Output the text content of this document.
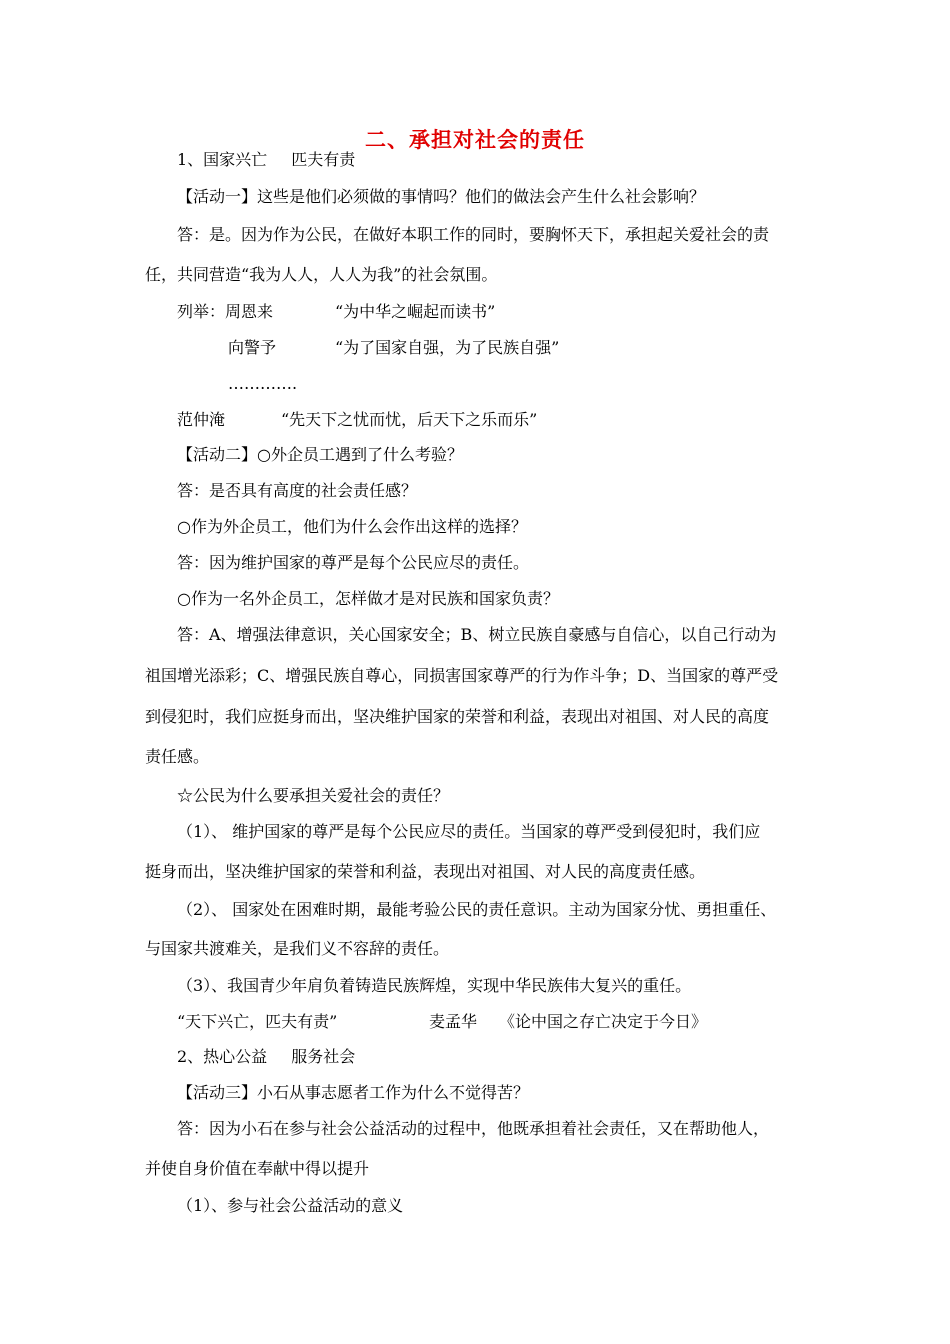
二、承担对社会的责任
1、国家兴亡 匹夫有责
【活动一】这些是他们必须做的事情吗？他们的做法会产生什么社会影响？
答：是。因为作为公民，在做好本职工作的同时，要胸怀天下，承担起关爱社会的责
任，共同营造“我为人人，人人为我”的社会氛围。
列举：周恩来	“为中华之崛起而读书”
向警予	“为了国家自强，为了民族自强”
………….
范仲淹	“先天下之忧而忧，后天下之乐而乐”
【活动二】○外企员工遇到了什么考验？
答：是否具有高度的社会责任感？
○作为外企员工，他们为什么会作出这样的选择？
答：因为维护国家的尊严是每个公民应尽的责任。
○作为一名外企员工，怎样做才是对民族和国家负责？
答：A、增强法律意识，关心国家安全；B、树立民族自豪感与自信心，以自己行动为
祖国增光添彩；C、增强民族自尊心，同损害国家尊严的行为作斗争；D、当国家的尊严受
到侵犯时，我们应挺身而出，坚决维护国家的荣誉和利益，表现出对祖国、对人民的高度
责任感。
☆公民为什么要承担关爱社会的责任？
（1）、 维护国家的尊严是每个公民应尽的责任。当国家的尊严受到侵犯时，我们应
挺身而出，坚决维护国家的荣誉和利益，表现出对祖国、对人民的高度责任感。
（2）、 国家处在困难时期，最能考验公民的责任意识。主动为国家分忧、勇担重任、
与国家共渡难关，是我们义不容辞的责任。
（3）、我国青少年肩负着铸造民族辉煌，实现中华民族伟大复兴的重任。
“天下兴亡，匹夫有责”	麦孟华 《论中国之存亡决定于今日》
2、热心公益 服务社会
【活动三】小石从事志愿者工作为什么不觉得苦？
答：因为小石在参与社会公益活动的过程中，他既承担着社会责任，又在帮助他人，
并使自身价值在奉献中得以提升
（1）、参与社会公益活动的意义
